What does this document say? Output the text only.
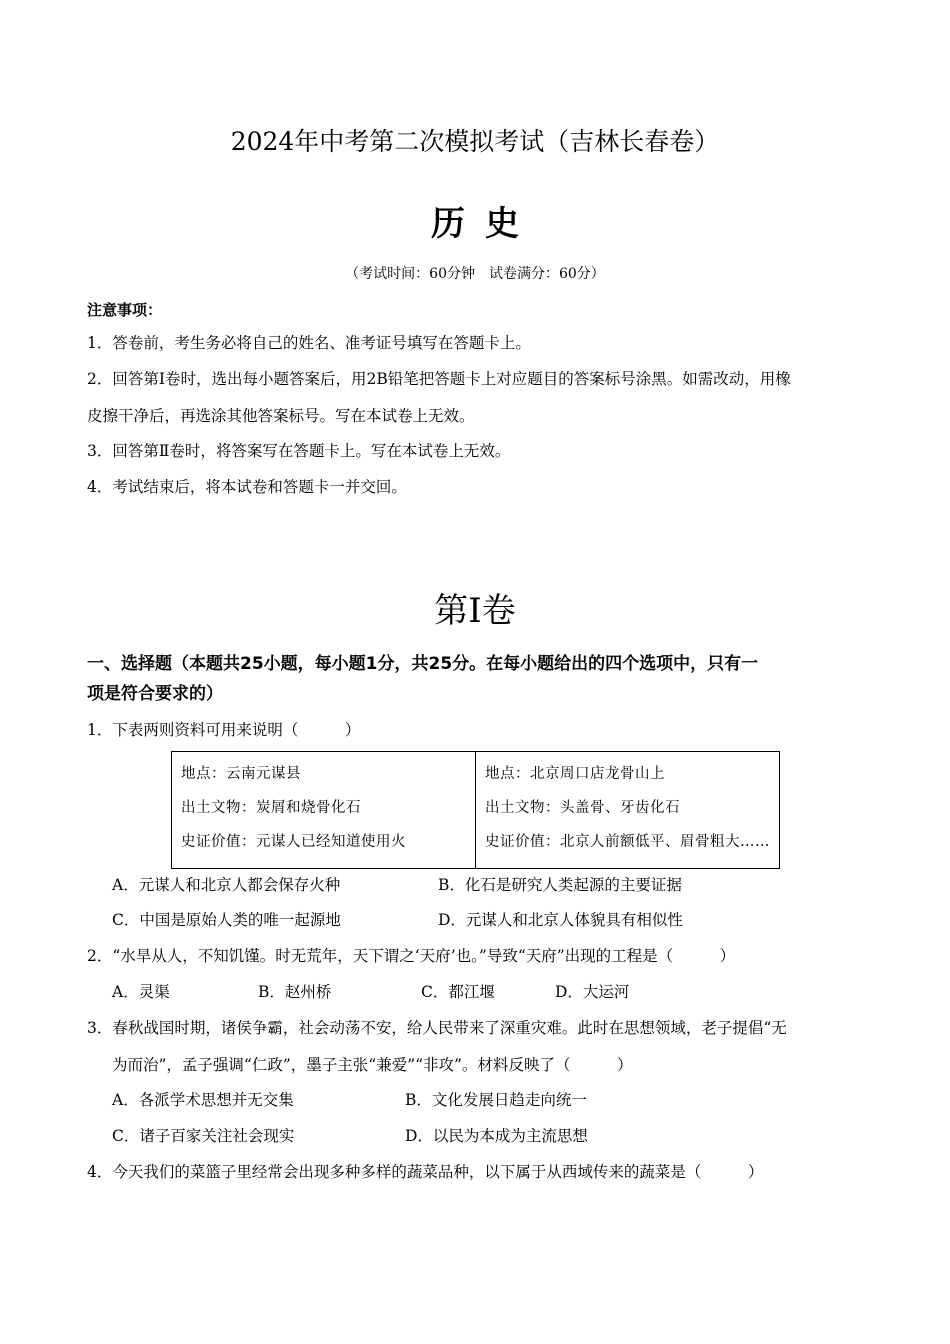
2024年中考第二次模拟考试（吉林长春卷）
历史
（考试时间：60分钟　试卷满分：60分）
注意事项：
1．答卷前，考生务必将自己的姓名、准考证号填写在答题卡上。
2．回答第Ⅰ卷时，选出每小题答案后，用2B铅笔把答题卡上对应题目的答案标号涂黑。如需改动，用橡
皮擦干净后，再选涂其他答案标号。写在本试卷上无效。
3．回答第Ⅱ卷时，将答案写在答题卡上。写在本试卷上无效。
4．考试结束后，将本试卷和答题卡一并交回。
第Ⅰ卷
一、选择题（本题共25小题，每小题1分，共25分。在每小题给出的四个选项中，只有一
项是符合要求的）
1．下表两则资料可用来说明（　　　）
地点：云南元谋县
出土文物：炭屑和烧骨化石
史证价值：元谋人已经知道使用火

地点：北京周口店龙骨山上
出土文物：头盖骨、牙齿化石
史证价值：北京人前额低平、眉骨粗大……
A．元谋人和北京人都会保存火种	B．化石是研究人类起源的主要证据
C．中国是原始人类的唯一起源地	D．元谋人和北京人体貌具有相似性
2．“水旱从人，不知饥馑。时无荒年，天下谓之‘天府’也。”导致“天府”出现的工程是（　　　）
A．灵渠	B．赵州桥	C．都江堰	D．大运河
3．春秋战国时期，诸侯争霸，社会动荡不安，给人民带来了深重灾难。此时在思想领域，老子提倡“无
为而治”，孟子强调“仁政”，墨子主张“兼爱”“非攻”。材料反映了（　　　）
A．各派学术思想并无交集	B．文化发展日趋走向统一
C．诸子百家关注社会现实	D．以民为本成为主流思想
4．今天我们的菜篮子里经常会出现多种多样的蔬菜品种，以下属于从西域传来的蔬菜是（　　　）
